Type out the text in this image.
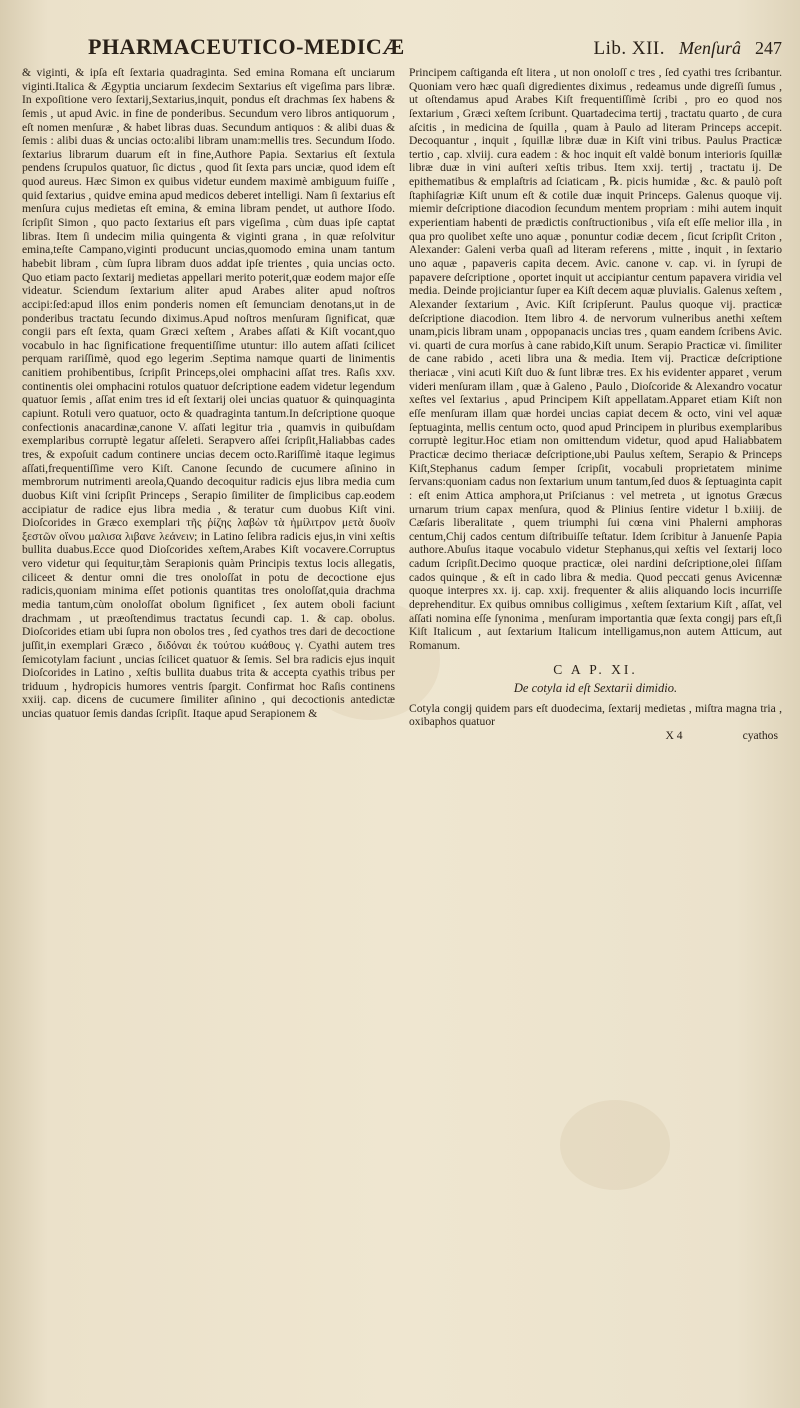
PHARMACEUTICO-MEDICÆ	Lib. XII. Menſurâ 247

& viginti, & ipſa eſt ſextaria quadraginta. Sed emina Romana eſt unciarum viginti.Italica & Ægyptia unciarum ſexdecim Sextarius eſt vigeſima pars libræ. In expoſitione vero ſextarij,Sextarius,inquit, pondus eſt drachmas ſex habens & ſemis , ut apud Avic. in fine de ponderibus. Secundum vero libros antiquorum , eſt nomen menſuræ , & habet libras duas. Secundum antiquos : & alibi duas & ſemis : alibi duas & uncias octo:alibi libram unam:mellis tres. Secundum Iſodo. ſextarius librarum duarum eſt in fine,Authore Papia. Sextarius eſt ſextula pendens ſcrupulos quatuor, ſic dictus , quod ſit ſexta pars unciæ, quod idem eſt quod aureus. Hæc Simon ex quibus videtur eundem maximè ambiguum fuiſſe , quid ſextarius , quidve emina apud medicos deberet intelligi. Nam ſi ſextarius eſt menſura cujus medietas eſt emina, & emina libram pendet, ut authore Iſodo. ſcripſit Simon , quo pacto ſextarius eſt pars vigeſima , cùm duas ipſe captat libras. Item ſi undecim milia quingenta & viginti grana , in quæ reſolvitur emina,teſte Campano,viginti producunt uncias,quomodo emina unam tantum habebit libram , cùm ſupra libram duos addat ipſe trientes , quia uncias octo. Quo etiam pacto ſextarij medietas appellari merito poterit,quæ eodem major eſſe videatur. Sciendum ſextarium aliter apud Arabes aliter apud noſtros accipi:ſed:apud illos enim ponderis nomen eſt ſemunciam denotans,ut in de ponderibus tractatu ſecundo diximus.Apud noſtros menſuram ſignificat, quæ congii pars eſt ſexta, quam Græci xeſtem , Arabes aſſati & Kiſt vocant,quo vocabulo in hac ſignificatione frequentiſſime utuntur: illo autem aſſati ſcilicet perquam rariſſimè, quod ego legerim .Septima namque quarti de linimentis canitiem prohibentibus, ſcripſit Princeps,olei omphacini aſſat tres. Raſis xxv. continentis olei omphacini rotulos quatuor deſcriptione eadem videtur legendum quatuor ſemis , aſſat enim tres id eſt ſextarij olei uncias quatuor & quinquaginta capiunt. Rotuli vero quatuor, octo & quadraginta tantum.In deſcriptione quoque confectionis anacardinæ,canone V. aſſati legitur tria , quamvis in quibuſdam exemplaribus corruptè legatur aſſeleti. Serapvero aſſei ſcripſit,Haliabbas cades tres, & expoſuit cadum continere uncias decem octo.Rariſſimè itaque legimus aſſati,frequentiſſime vero Kiſt. Canone ſecundo de cucumere aſinino in membrorum nutrimenti areola,Quando decoquitur radicis ejus libra media cum duobus Kiſt vini ſcripſit Princeps , Serapio ſimiliter de ſimplicibus cap.eodem accipiatur de radice ejus libra media , & teratur cum duobus Kiſt vini. Dioſcorides in Græco exemplari τῆς ῥίζης λαβὼν τὰ ἡμίλιτρον μετὰ δυοῖν ξεστῶν οἴνου μαλισα λιβανε λεάνειν; in Latino ſelibra radicis ejus,in vini xeſtis bullita duabus.Ecce quod Dioſcorides xeſtem,Arabes Kiſt vocavere.Corruptus vero videtur qui ſequitur,tàm Serapionis quàm Principis textus locis allegatis, ciliceet & dentur omni die tres onoloſſat in potu de decoctione ejus radicis,quoniam minima eſſet potionis quantitas tres onoloſſat,quia drachma media tantum,cùm onoloſſat obolum ſignificet , ſex autem oboli faciunt drachmam , ut præoſtendimus tractatus ſecundi cap. 1. & cap. obolus. Dioſcorides etiam ubi ſupra non obolos tres , ſed cyathos tres dari de decoctione juſſit,in exemplari Græco , διδόναι ἐκ τούτου κυάθους γ. Cyathi autem tres ſemicotylam faciunt , uncias ſcilicet quatuor & ſemis. Sel bra radicis ejus inquit Dioſcorides in Latino , xeſtis bullita duabus trita & accepta cyathis tribus per triduum , hydropicis humores ventris ſpargit. Confirmat hoc Raſis continens xxiij. cap. dicens de cucumere ſimiliter aſinino , qui decoctionis antedictæ uncias quatuor ſemis dandas ſcripſit. Itaque apud Serapionem &

Principem caſtiganda eſt litera , ut non onoloſſ c tres , ſed cyathi tres ſcribantur. Quoniam vero hæc quaſi digredientes diximus , redeamus unde digreſſi ſumus , ut oſtendamus apud Arabes Kiſt frequentiſſimè ſcribi , pro eo quod nos ſextarium , Græci xeſtem ſcribunt. Quartadecima tertij , tractatu quarto , de cura aſcitis , in medicina de ſquilla , quam à Paulo ad literam Princeps accepit. Decoquantur , inquit , ſquillæ libræ duæ in Kiſt vini tribus. Paulus Practicæ tertio , cap. xlviij. cura eadem : & hoc inquit eſt valdè bonum interioris ſquillæ libræ duæ in vini auſteri xeſtis tribus. Item xxij. tertij , tractatu ij. De epithematibus & emplaſtris ad ſciaticam , ℞. picis humidæ , &c. & paulò poſt ſtaphiſagriæ Kiſt unum eſt & cotile duæ inquit Princeps. Galenus quoque vij. miemir deſcriptione diacodion ſecundum mentem propriam : mihi autem inquit experientiam habenti de prædictis conſtructionibus , viſa eſt eſſe melior illa , in qua pro quolibet xeſte uno aquæ , ponuntur codiæ decem , ſicut ſcripſit Criton , Alexander: Galeni verba quaſi ad literam referens , mitte , inquit , in ſextario uno aquæ , papaveris capita decem. Avic. canone v. cap. vi. in ſyrupi de papavere deſcriptione , oportet inquit ut accipiantur centum papavera viridia vel media. Deinde projiciantur ſuper ea Kiſt decem aquæ pluvialis. Galenus xeſtem , Alexander ſextarium , Avic. Kiſt ſcripſerunt. Paulus quoque vij. practicæ deſcriptione diacodion. Item libro 4. de nervorum vulneribus anethi xeſtem unam,picis libram unam , oppopanacis uncias tres , quam eandem ſcribens Avic. vi. quarti de cura morſus à cane rabido,Kiſt unum. Serapio Practicæ vi. ſimiliter de cane rabido , aceti libra una & media. Item vij. Practicæ deſcriptione theriacæ , vini acuti Kiſt duo & ſunt libræ tres. Ex his evidenter apparet , verum videri menſuram illam , quæ à Galeno , Paulo , Dioſcoride & Alexandro vocatur xeſtes vel ſextarius , apud Principem Kiſt appellatam.Apparet etiam Kiſt non eſſe menſuram illam quæ hordei uncias capiat decem & octo, vini vel aquæ ſeptuaginta, mellis centum octo, quod apud Principem in pluribus exemplaribus corruptè legitur.Hoc etiam non omittendum videtur, quod apud Haliabbatem Practicæ decimo theriacæ deſcriptione,ubi Paulus xeſtem, Serapio & Princeps Kiſt,Stephanus cadum ſemper ſcripſit, vocabuli proprietatem minime ſervans:quoniam cadus non ſextarium unum tantum,ſed duos & ſeptuaginta capit : eſt enim Attica amphora,ut Priſcianus : vel metreta , ut ignotus Græcus urnarum trium capax menſura, quod & Plinius ſentire videtur l b.xiiij. de Cæſaris liberalitate , quem triumphi ſui cœna vini Phalerni amphoras centum,Chij cados centum diſtribuiſſe teſtatur. Idem ſcribitur à Januenſe Papia authore.Abuſus itaque vocabulo videtur Stephanus,qui xeſtis vel ſextarij loco cadum ſcripſit.Decimo quoque practicæ, olei nardini deſcriptione,olei ſiſſam cados quinque , & eſt in cado libra & media. Quod peccati genus Avicennæ quoque interpres xx. ij. cap. xxij. frequenter & aliis aliquando locis incurriſſe deprehenditur. Ex quibus omnibus colligimus , xeſtem ſextarium Kiſt , aſſat, vel aſſati nomina eſſe ſynonima , menſuram importantia quæ ſexta congij pars eſt,ſi Kiſt Italicum , aut ſextarium Italicum intelligamus,non autem Atticum, aut Romanum.

C A P. XI.
De cotyla id eſt Sextarii dimidio.

Cotyla congij quidem pars eſt duodecima, ſextarij medietas , miſtra magna tria , oxibaphos quatuor

X 4	cyathos
